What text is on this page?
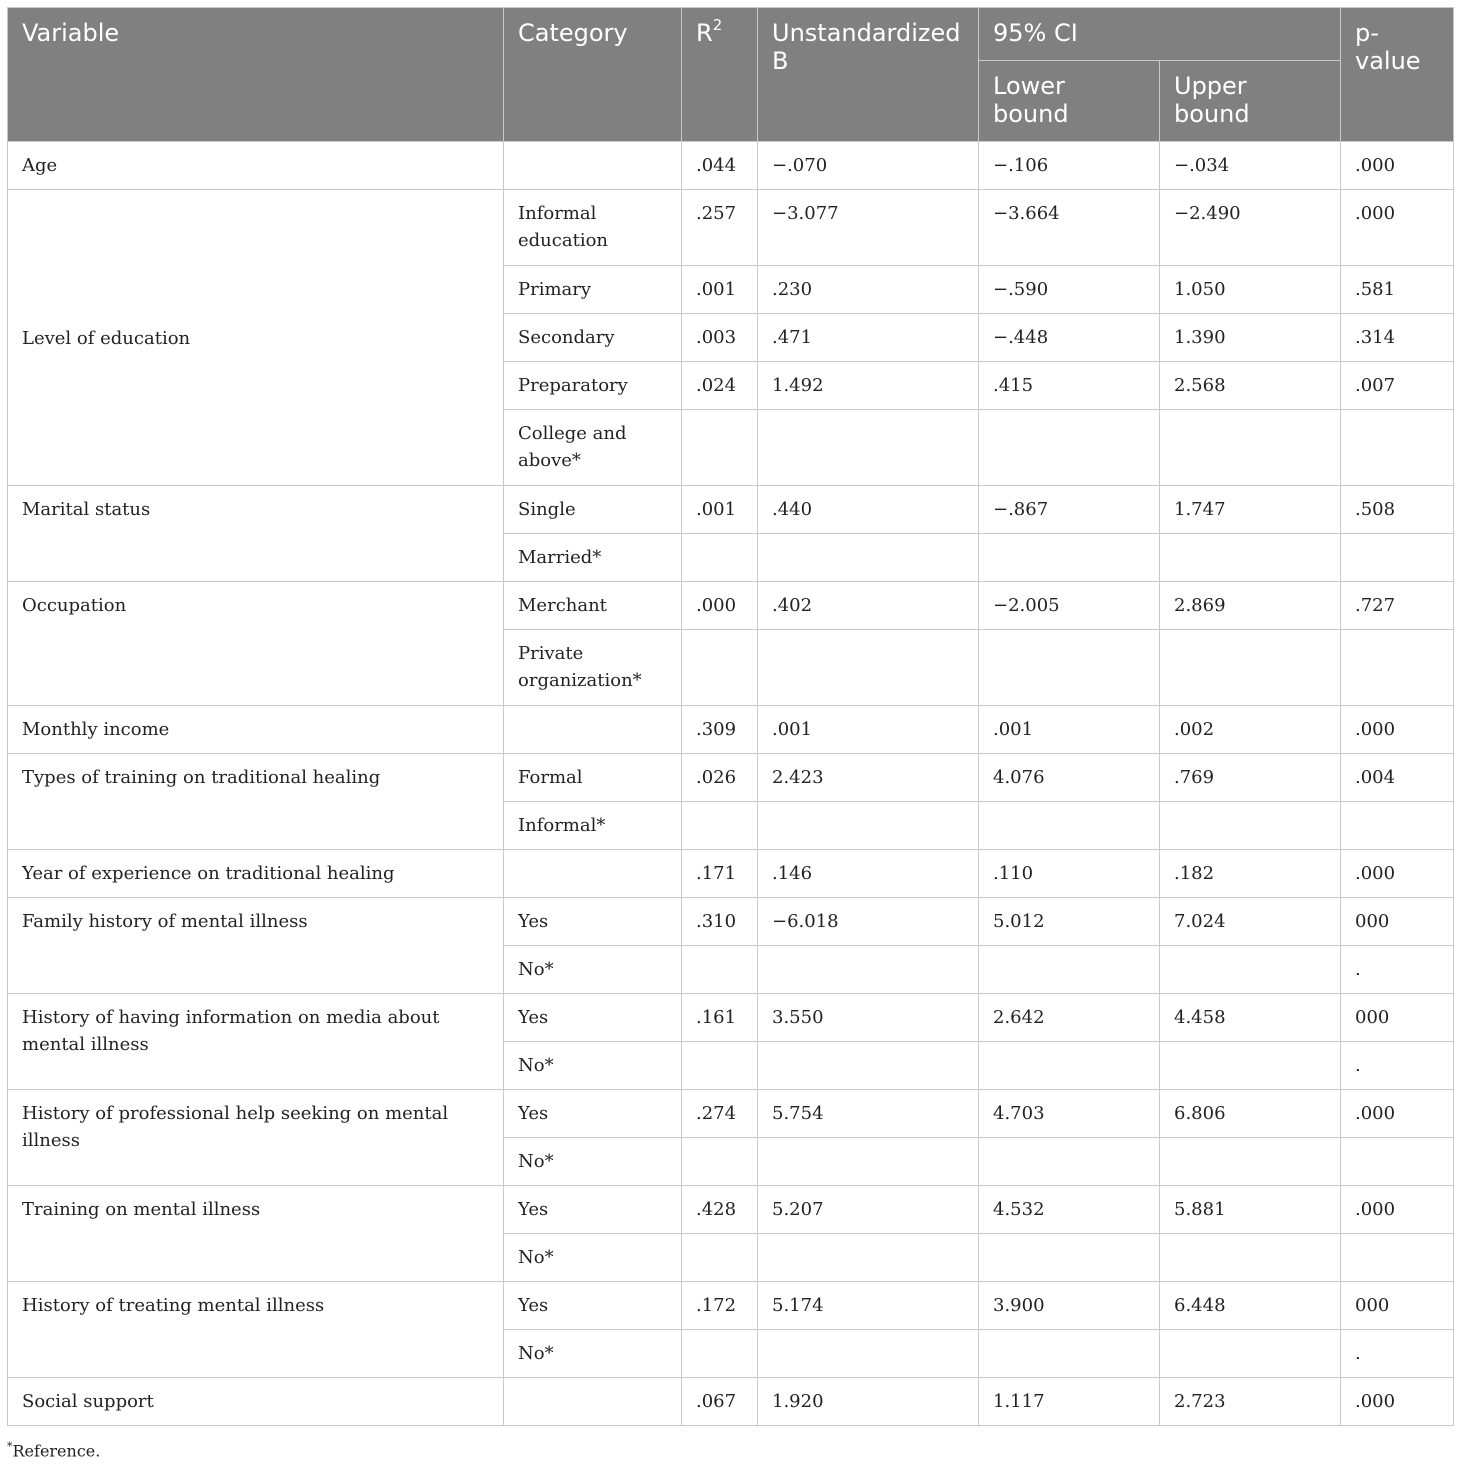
Variable	Category	$R^2$	Unstandardized B	95% CI		p-value
				Lower bound	Upper bound	
Age		.044	−.070	−.106	−.034	.000
Level of education	Informal education	.257	−3.077	−3.664	−2.490	.000
	Primary	.001	.230	−.590	1.050	.581
	Secondary	.003	.471	−.448	1.390	.314
	Preparatory	.024	1.492	.415	2.568	.007
	College and above*					
Marital status	Single	.001	.440	−.867	1.747	.508
	Married*					
Occupation	Merchant	.000	.402	−2.005	2.869	.727
	Private organization*					
Monthly income		.309	.001	.001	.002	.000
Types of training on traditional healing	Formal	.026	2.423	4.076	.769	.004
	Informal*					
Year of experience on traditional healing		.171	.146	.110	.182	.000
Family history of mental illness	Yes	.310	−6.018	5.012	7.024	000
	No*					.
History of having information on media about mental illness	Yes	.161	3.550	2.642	4.458	000
	No*					.
History of professional help seeking on mental illness	Yes	.274	5.754	4.703	6.806	.000
	No*					
Training on mental illness	Yes	.428	5.207	4.532	5.881	.000
	No*					
History of treating mental illness	Yes	.172	5.174	3.900	6.448	000
	No*					.
Social support		.067	1.920	1.117	2.723	.000
*Reference.
